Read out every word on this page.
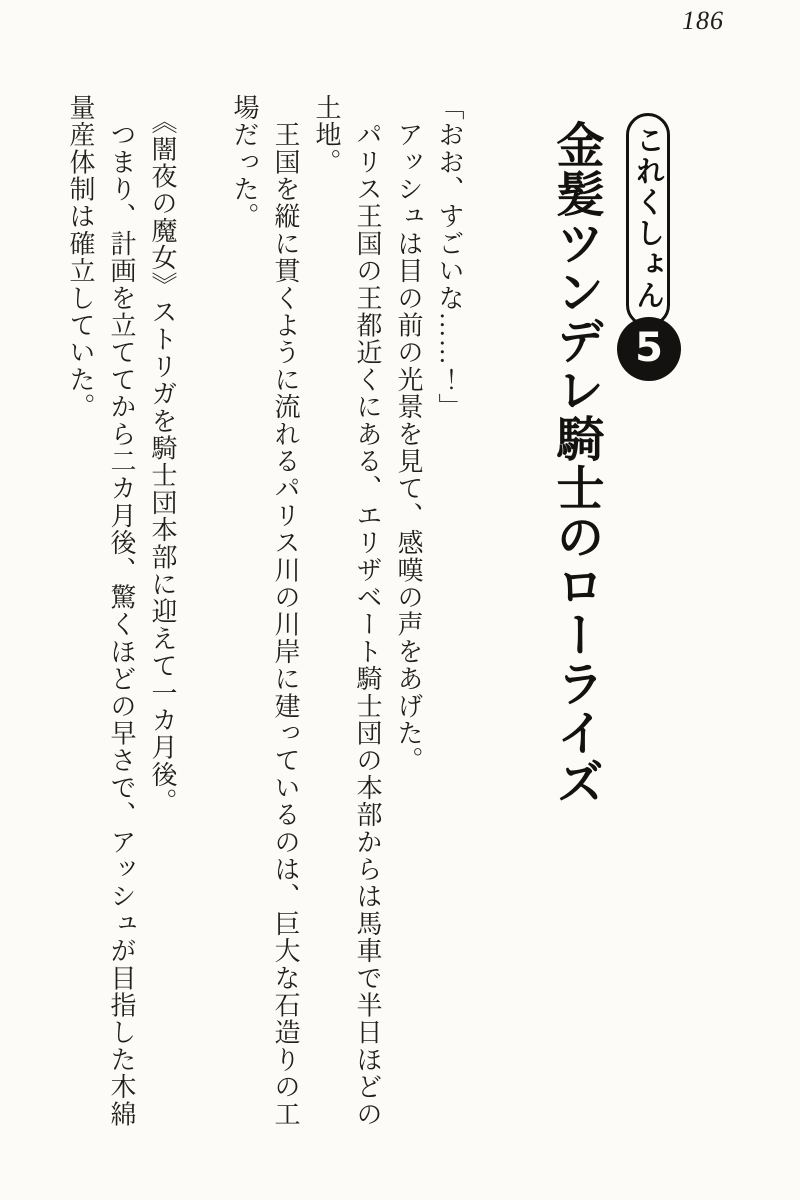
186
これくしょん
5
金髪ツンデレ騎士のローライズ

「おお、すごいな……！」

　アッシュは目の前の光景を見て、感嘆の声をあげた。

　パリス王国の王都近くにある、エリザベート騎士団の本部からは馬車で半日ほどの

土地。

　王国を縦に貫くように流れるパリス川の川岸に建っているのは、巨大な石造りの工

場だった。

　《闇夜の魔女》ストリガを騎士団本部に迎えて一カ月後。

　つまり、計画を立ててから二カ月後、驚くほどの早さで、アッシュが目指した木綿

量産体制は確立していた。
